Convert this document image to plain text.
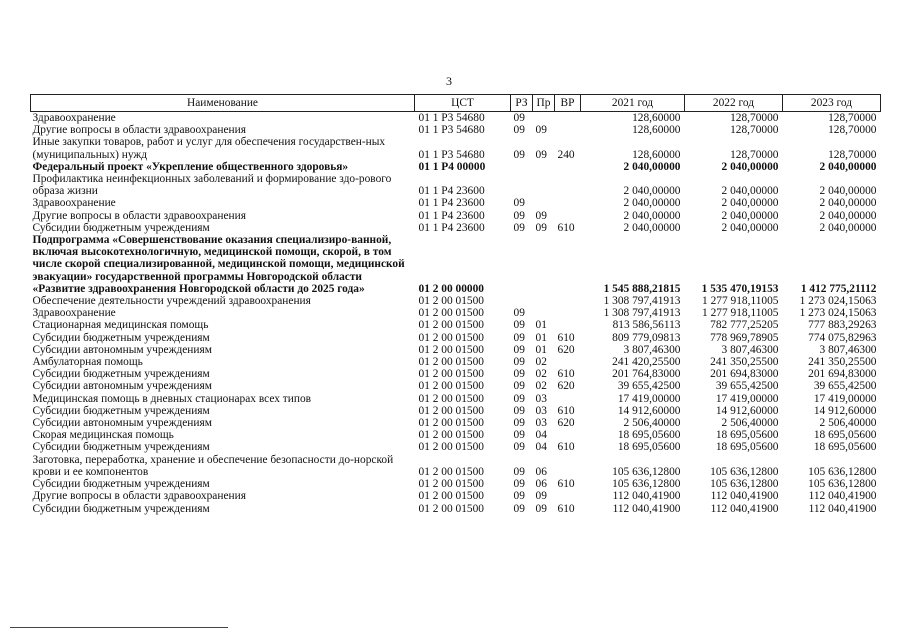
3
Наименование	ЦСТ	РЗ	Пр	ВР	2021 год	2022 год	2023 год
Здравоохранение	01 1 P3 54680	09			128,60000	128,70000	128,70000
Другие вопросы в области здравоохранения	01 1 P3 54680	09	09		128,60000	128,70000	128,70000
Иные закупки товаров, работ и услуг для обеспечения государствен-ных (муниципальных) нужд	01 1 P3 54680	09	09	240	128,60000	128,70000	128,70000
Федеральный проект «Укрепление общественного здоровья»	01 1 P4 00000				2 040,00000	2 040,00000	2 040,00000
Профилактика неинфекционных заболеваний и формирование здо-рового образа жизни	01 1 P4 23600				2 040,00000	2 040,00000	2 040,00000
Здравоохранение	01 1 P4 23600	09			2 040,00000	2 040,00000	2 040,00000
Другие вопросы в области здравоохранения	01 1 P4 23600	09	09		2 040,00000	2 040,00000	2 040,00000
Субсидии бюджетным учреждениям	01 1 P4 23600	09	09	610	2 040,00000	2 040,00000	2 040,00000
Подпрограмма «Совершенствование оказания специализиро-ванной, включая высокотехнологичную, медицинской помощи, скорой, в том числе скорой специализированной, медицинской помощи, медицинской эвакуации» государственной программы Новгородской области «Развитие здравоохранения Новгородской области до 2025 года»	01 2 00 00000				1 545 888,21815	1 535 470,19153	1 412 775,21112
Обеспечение деятельности учреждений здравоохранения	01 2 00 01500				1 308 797,41913	1 277 918,11005	1 273 024,15063
Здравоохранение	01 2 00 01500	09			1 308 797,41913	1 277 918,11005	1 273 024,15063
Стационарная медицинская помощь	01 2 00 01500	09	01		813 586,56113	782 777,25205	777 883,29263
Субсидии бюджетным учреждениям	01 2 00 01500	09	01	610	809 779,09813	778 969,78905	774 075,82963
Субсидии автономным учреждениям	01 2 00 01500	09	01	620	3 807,46300	3 807,46300	3 807,46300
Амбулаторная помощь	01 2 00 01500	09	02		241 420,25500	241 350,25500	241 350,25500
Субсидии бюджетным учреждениям	01 2 00 01500	09	02	610	201 764,83000	201 694,83000	201 694,83000
Субсидии автономным учреждениям	01 2 00 01500	09	02	620	39 655,42500	39 655,42500	39 655,42500
Медицинская помощь в дневных стационарах всех типов	01 2 00 01500	09	03		17 419,00000	17 419,00000	17 419,00000
Субсидии бюджетным учреждениям	01 2 00 01500	09	03	610	14 912,60000	14 912,60000	14 912,60000
Субсидии автономным учреждениям	01 2 00 01500	09	03	620	2 506,40000	2 506,40000	2 506,40000
Скорая медицинская помощь	01 2 00 01500	09	04		18 695,05600	18 695,05600	18 695,05600
Субсидии бюджетным учреждениям	01 2 00 01500	09	04	610	18 695,05600	18 695,05600	18 695,05600
Заготовка, переработка, хранение и обеспечение безопасности до-норской крови и ее компонентов	01 2 00 01500	09	06		105 636,12800	105 636,12800	105 636,12800
Субсидии бюджетным учреждениям	01 2 00 01500	09	06	610	105 636,12800	105 636,12800	105 636,12800
Другие вопросы в области здравоохранения	01 2 00 01500	09	09		112 040,41900	112 040,41900	112 040,41900
Субсидии бюджетным учреждениям	01 2 00 01500	09	09	610	112 040,41900	112 040,41900	112 040,41900
